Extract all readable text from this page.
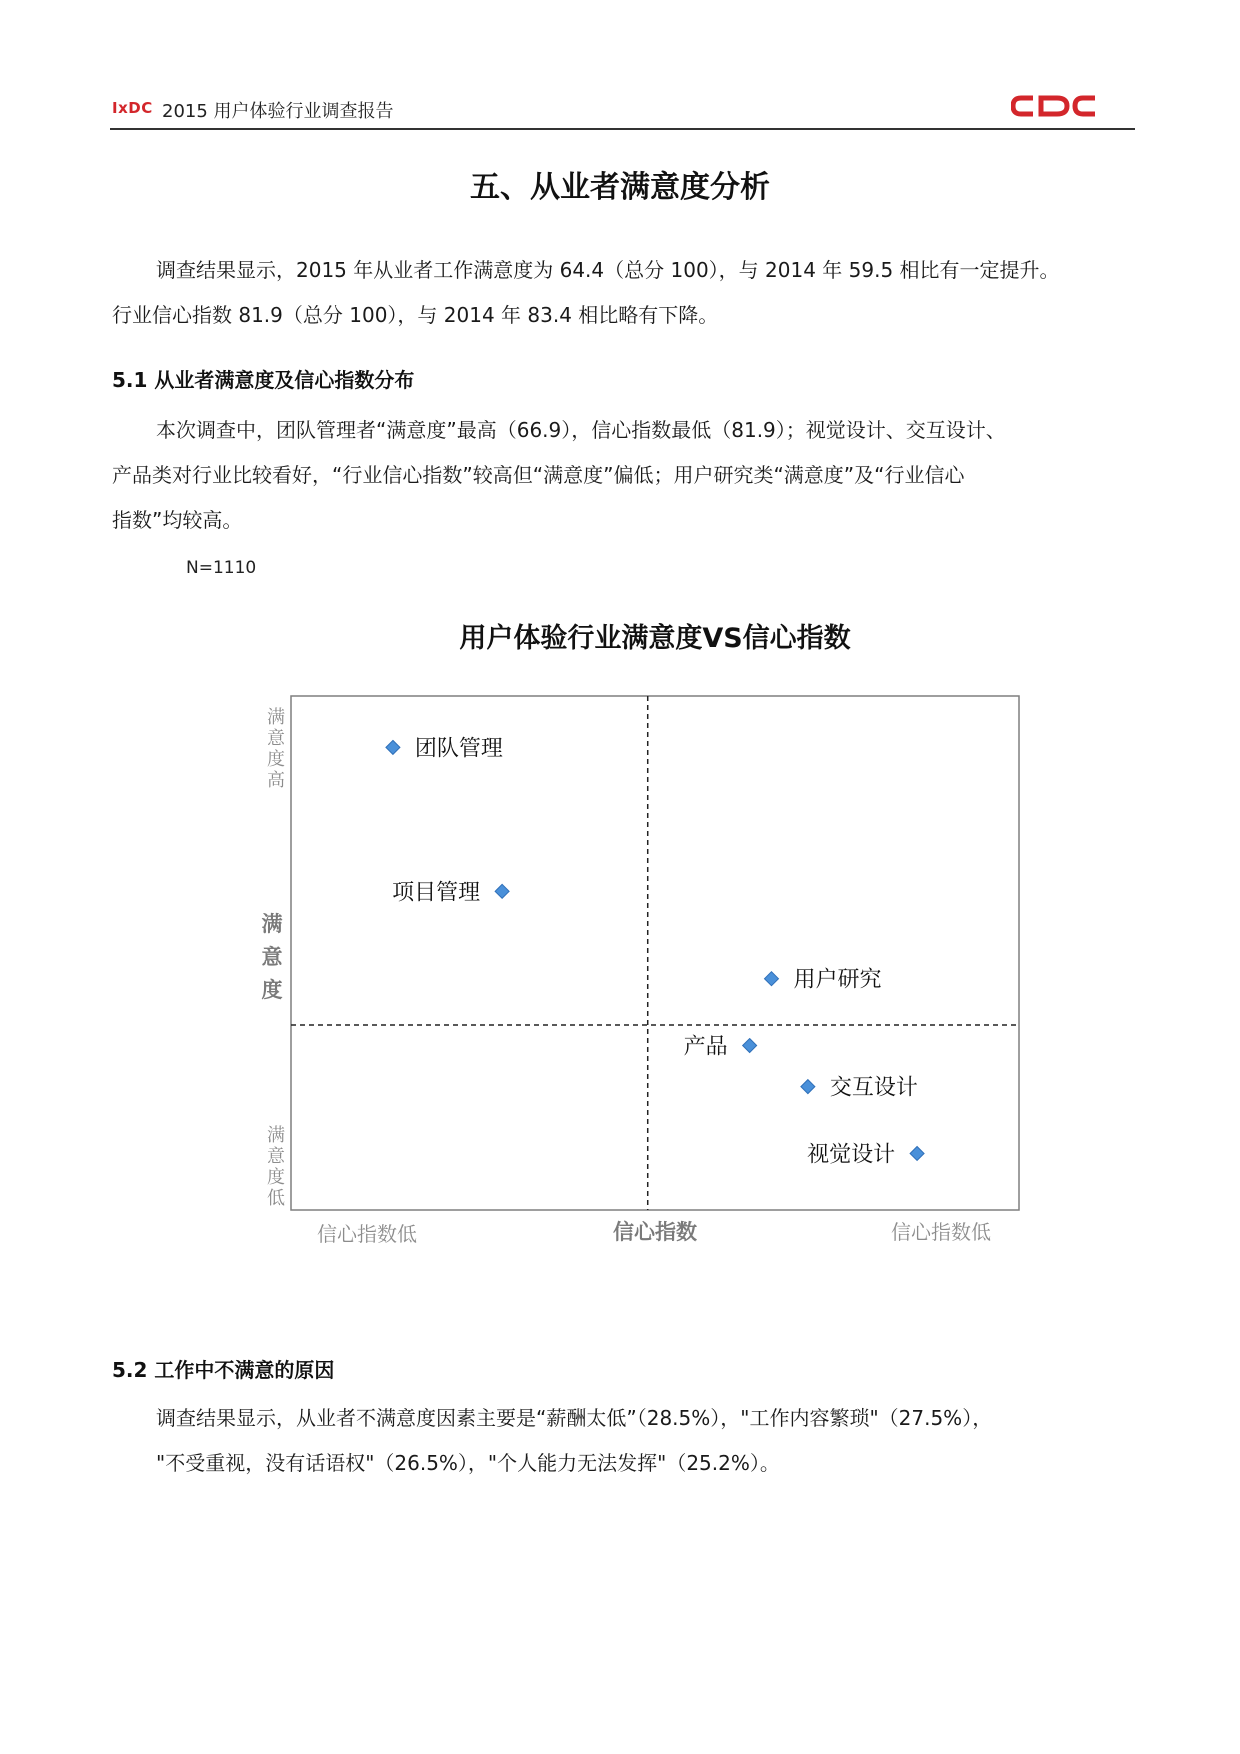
IxDC 2015 用户体验行业调查报告
五、从业者满意度分析
调查结果显示，2015 年从业者工作满意度为 64.4（总分 100），与 2014 年 59.5 相比有一定提升。
行业信心指数 81.9（总分 100），与 2014 年 83.4 相比略有下降。
5.1 从业者满意度及信心指数分布
本次调查中，团队管理者“满意度”最高（66.9），信心指数最低（81.9）；视觉设计、交互设计、
产品类对行业比较看好，“行业信心指数”较高但“满意度”偏低；用户研究类“满意度”及“行业信心
指数”均较高。
N=1110
用户体验行业满意度VS信心指数
满意度高
满意度
满意度低
信心指数低	信心指数	信心指数低
团队管理
项目管理
用户研究
产品
交互设计
视觉设计
5.2 工作中不满意的原因
调查结果显示，从业者不满意度因素主要是“薪酬太低”（28.5%），"工作内容繁琐"（27.5%），
"不受重视，没有话语权"（26.5%），"个人能力无法发挥"（25.2%）。
